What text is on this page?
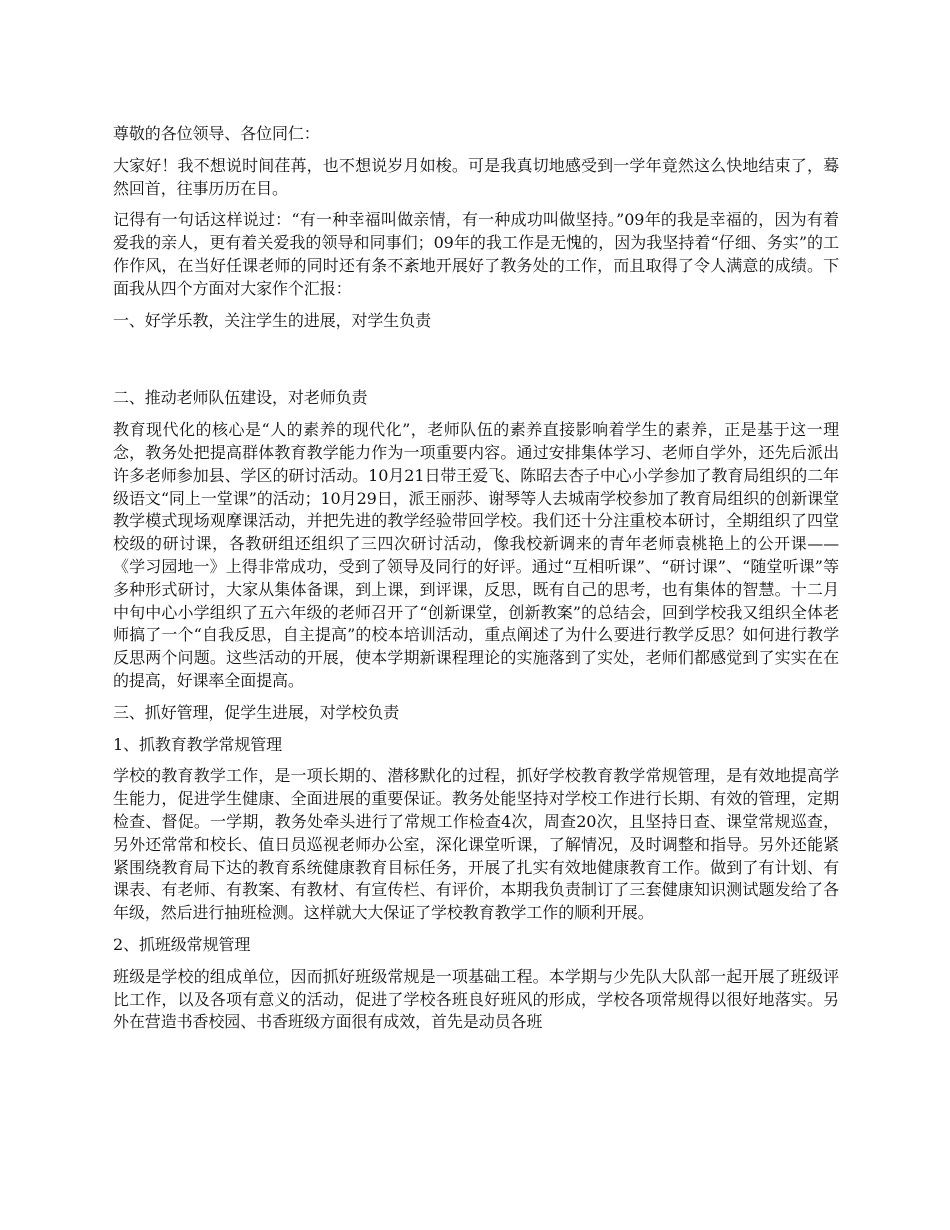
尊敬的各位领导、各位同仁：

大家好！我不想说时间荏苒，也不想说岁月如梭。可是我真切地感受到一学年竟然这么快地结束了，蓦然回首，往事历历在目。

记得有一句话这样说过：“有一种幸福叫做亲情，有一种成功叫做坚持。”09年的我是幸福的，因为有着爱我的亲人，更有着关爱我的领导和同事们；09年的我工作是无愧的，因为我坚持着“仔细、务实”的工作作风，在当好任课老师的同时还有条不紊地开展好了教务处的工作，而且取得了令人满意的成绩。下面我从四个方面对大家作个汇报：

一、好学乐教，关注学生的进展，对学生负责

二、推动老师队伍建设，对老师负责

教育现代化的核心是“人的素养的现代化”，老师队伍的素养直接影响着学生的素养，正是基于这一理念，教务处把提高群体教育教学能力作为一项重要内容。通过安排集体学习、老师自学外，还先后派出许多老师参加县、学区的研讨活动。10月21日带王爱飞、陈昭去杏子中心小学参加了教育局组织的二年级语文“同上一堂课”的活动；10月29日，派王丽莎、谢琴等人去城南学校参加了教育局组织的创新课堂教学模式现场观摩课活动，并把先进的教学经验带回学校。我们还十分注重校本研讨，全期组织了四堂校级的研讨课，各教研组还组织了三四次研讨活动，像我校新调来的青年老师袁桃艳上的公开课——《学习园地一》上得非常成功，受到了领导及同行的好评。通过“互相听课”、“研讨课”、“随堂听课”等多种形式研讨，大家从集体备课，到上课，到评课，反思，既有自己的思考，也有集体的智慧。十二月中旬中心小学组织了五六年级的老师召开了“创新课堂，创新教案”的总结会，回到学校我又组织全体老师搞了一个“自我反思，自主提高”的校本培训活动，重点阐述了为什么要进行教学反思？如何进行教学反思两个问题。这些活动的开展，使本学期新课程理论的实施落到了实处，老师们都感觉到了实实在在的提高，好课率全面提高。

三、抓好管理，促学生进展，对学校负责

1、抓教育教学常规管理

学校的教育教学工作，是一项长期的、潜移默化的过程，抓好学校教育教学常规管理，是有效地提高学生能力，促进学生健康、全面进展的重要保证。教务处能坚持对学校工作进行长期、有效的管理，定期检查、督促。一学期，教务处牵头进行了常规工作检查4次，周查20次，且坚持日查、课堂常规巡查，另外还常常和校长、值日员巡视老师办公室，深化课堂听课，了解情况，及时调整和指导。另外还能紧紧围绕教育局下达的教育系统健康教育目标任务，开展了扎实有效地健康教育工作。做到了有计划、有课表、有老师、有教案、有教材、有宣传栏、有评价，本期我负责制订了三套健康知识测试题发给了各年级，然后进行抽班检测。这样就大大保证了学校教育教学工作的顺利开展。

2、抓班级常规管理

班级是学校的组成单位，因而抓好班级常规是一项基础工程。本学期与少先队大队部一起开展了班级评比工作，以及各项有意义的活动，促进了学校各班良好班风的形成，学校各项常规得以很好地落实。另外在营造书香校园、书香班级方面很有成效，首先是动员各班
